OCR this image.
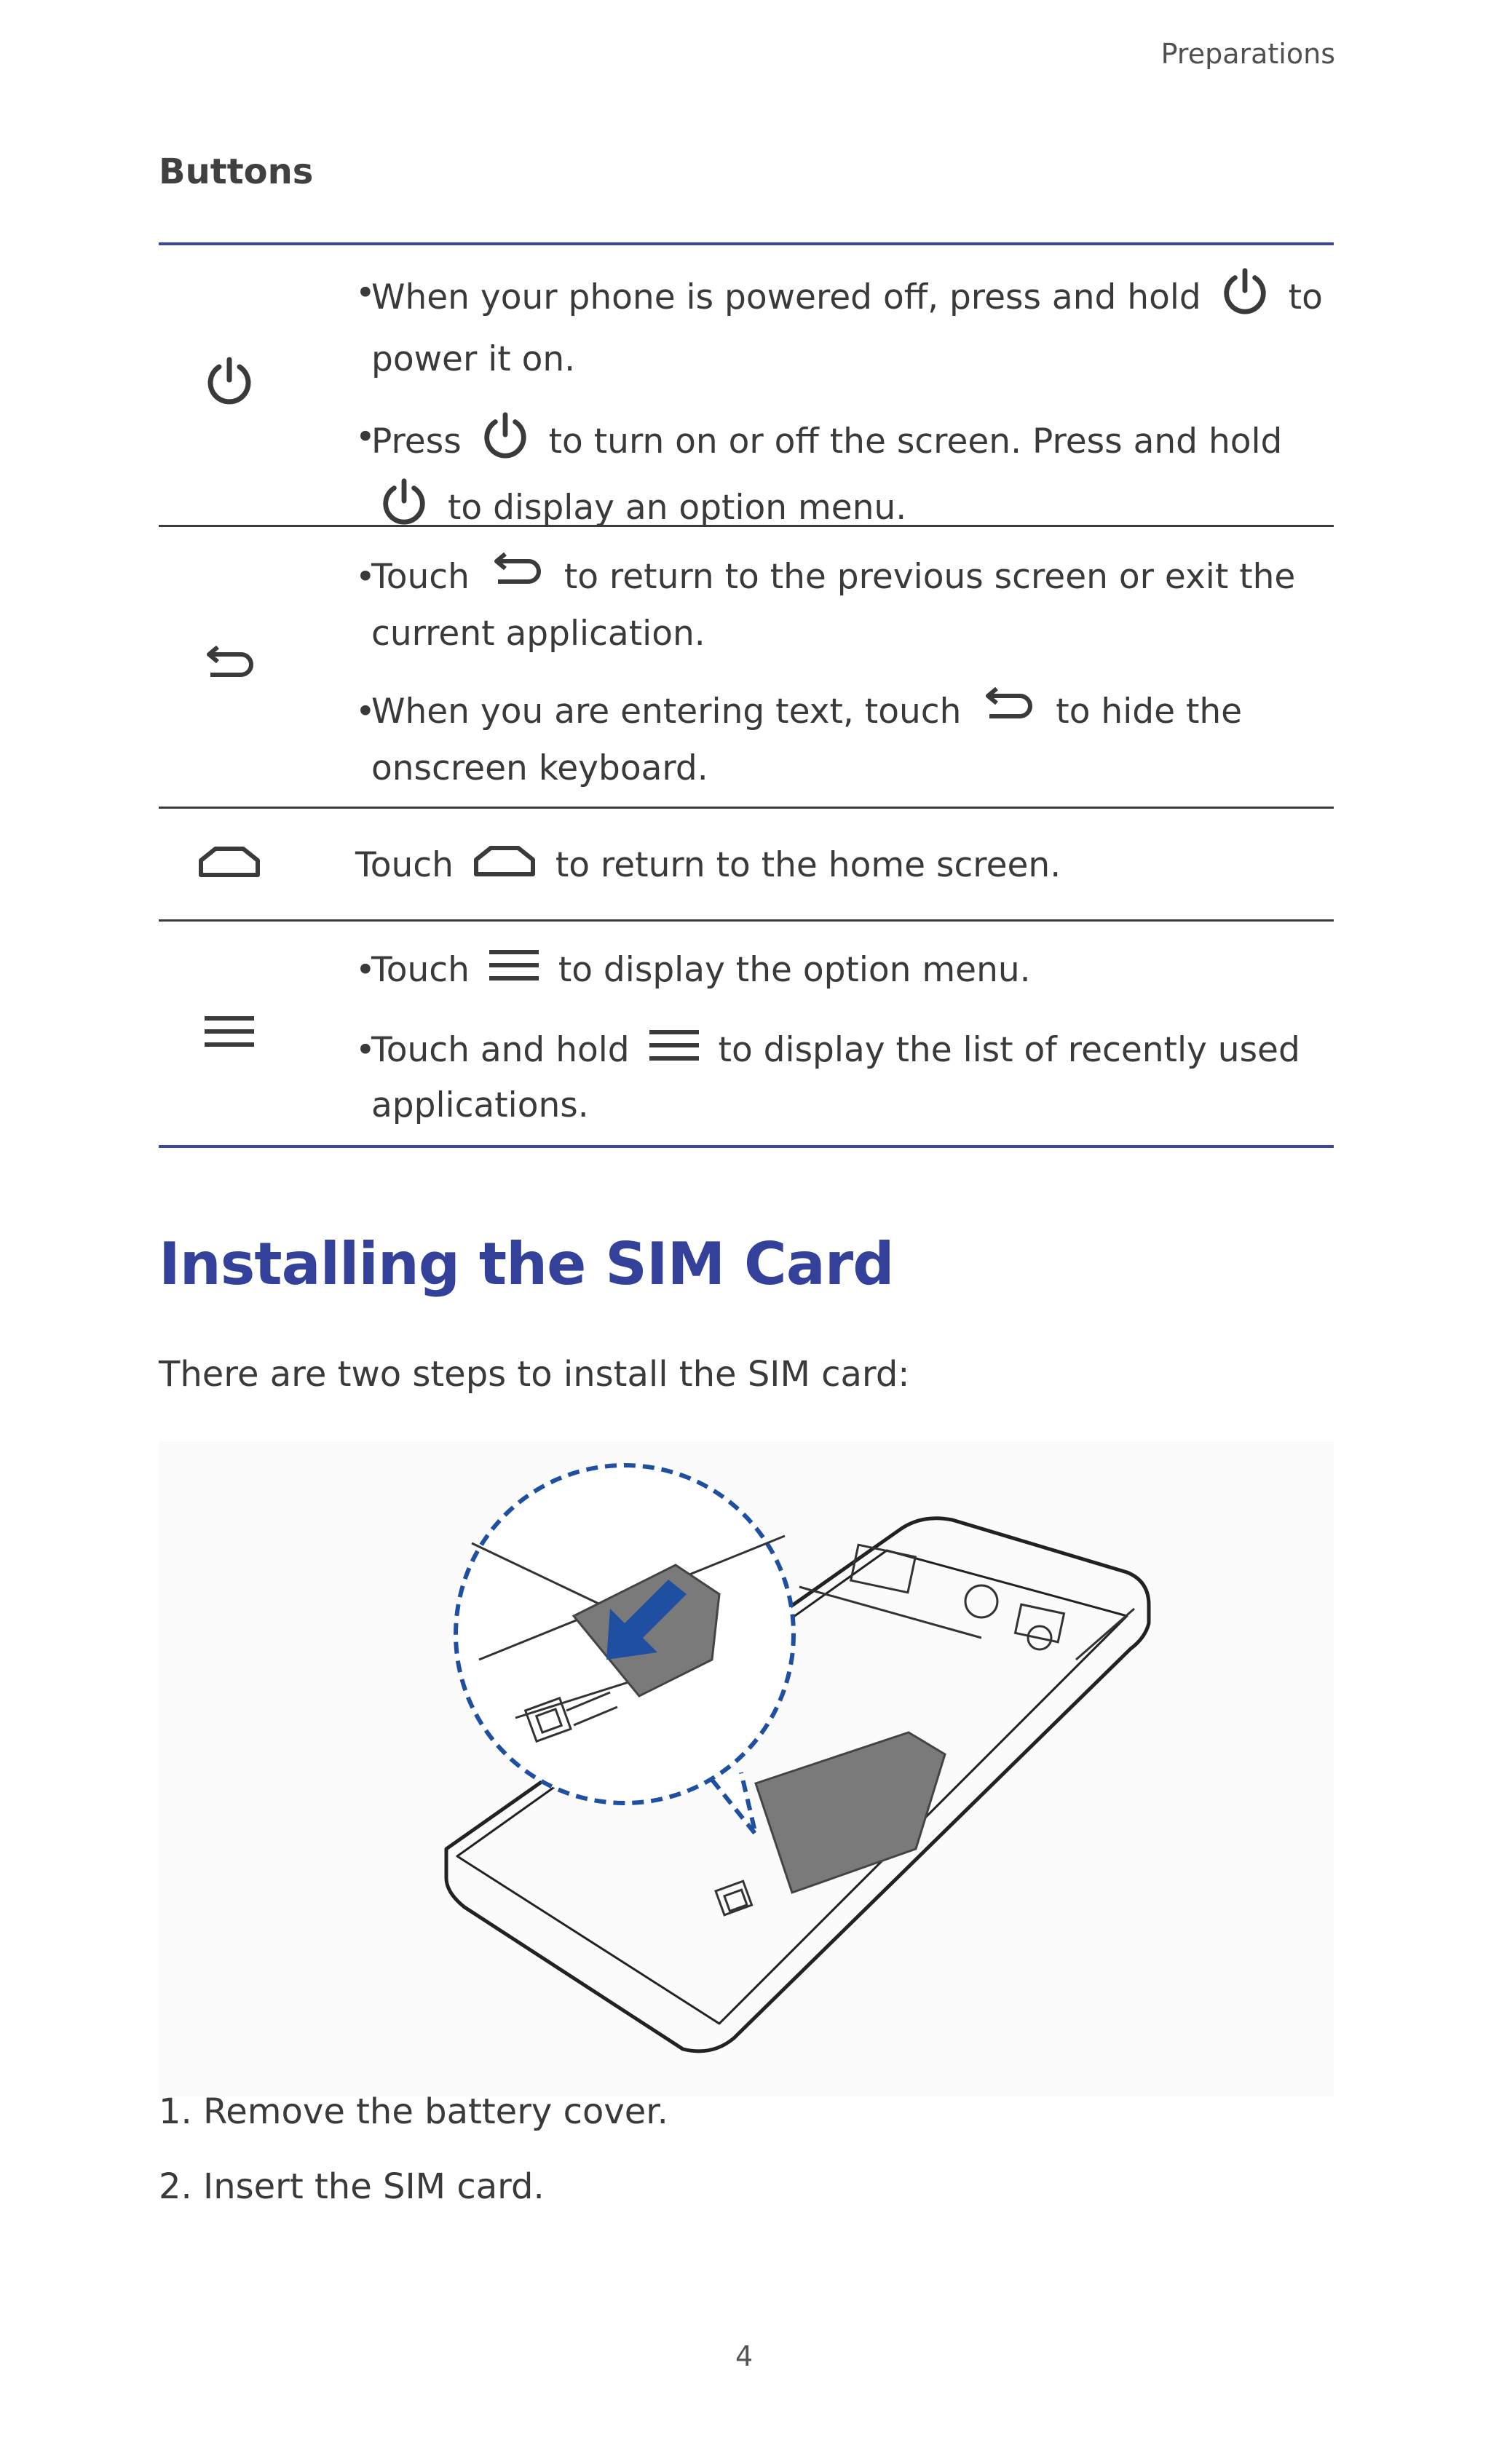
Preparations
Buttons
• When your phone is powered off, press and hold	to power it on.
• Press	to turn on or off the screen. Press and hold  to display an option menu.
• Touch	to return to the previous screen or exit the current application.
• When you are entering text, touch	to hide the onscreen keyboard.
Touch	to return to the home screen.
• Touch	to display the option menu.
• Touch and hold	to display the list of recently used applications.
Installing the SIM Card
There are two steps to install the SIM card:
1. Remove the battery cover.
2. Insert the SIM card.
4
